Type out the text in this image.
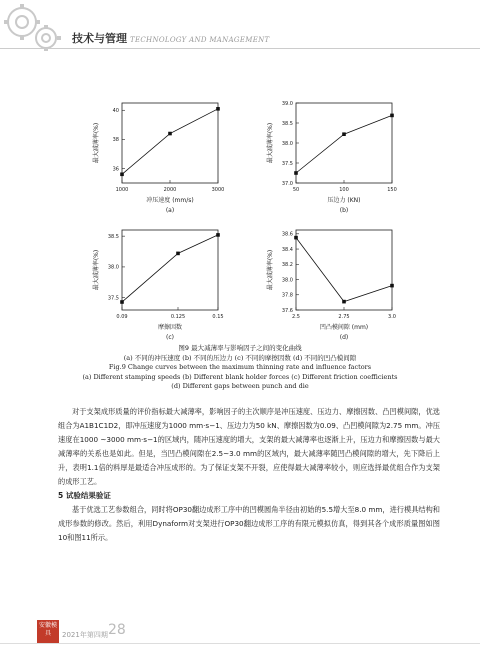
技术与管理 TECHNOLOGY AND MANAGEMENT
36
38
40
1000	2000	3000
最大减薄率(%)
冲压速度 (mm/s)
(a)
37.0
37.5
38.0
38.5
39.0
50	100	150
最大减薄率(%)
压边力 (KN)
(b)
37.5
38.0
38.5
0.09	0.125	0.15
最大减薄率(%)
摩擦因数
(c)
37.6
37.8
38.0
38.2
38.4
38.6
2.5	2.75	3.0
最大减薄率(%)
凹凸模间隙 (mm)
(d)
图9 最大减薄率与影响因子之间的变化曲线
(a) 不同的冲压速度 (b) 不同的压边力 (c) 不同的摩擦因数 (d) 不同的凹凸模间隙
Fig.9 Change curves between the maximum thinning rate and influence factors
(a) Different stamping speeds (b) Different blank holder forces (c) Different friction coefficients
(d) Different gaps between punch and die

对于支架成形质量的评价指标最大减薄率，影响因子的主次顺序是冲压速度、压边力、摩擦因数、凸凹模间隙，优选组合为A1B1C1D2，即冲压速度为1000 mm·s−1、压边力为50 kN、摩擦因数为0.09、凸凹模间隙为2.75 mm。冲压速度在1000 ~3000 mm·s−1的区域内，随冲压速度的增大，支架的最大减薄率也逐渐上升，压边力和摩擦因数与最大减薄率的关系也是如此。但是，当凹凸模间隙在2.5~3.0 mm的区域内，最大减薄率随凹凸模间隙的增大，先下降后上升，表明1.1倍的料厚是最适合冲压成形的。为了保证支架不开裂，应使得最大减薄率较小，则应选择最优组合作为支架的成形工艺。

5 试验结果验证

基于优选工艺参数组合，同时将OP30翻边成形工序中的凹模圆角半径由初始的5.5增大至8.0 mm，进行模具结构和成形参数的修改。然后，利用Dynaform对支架进行OP30翻边成形工序的有限元模拟仿真，得到其各个成形质量图如图10和图11所示。

安徽模具	2021年第四期 28
